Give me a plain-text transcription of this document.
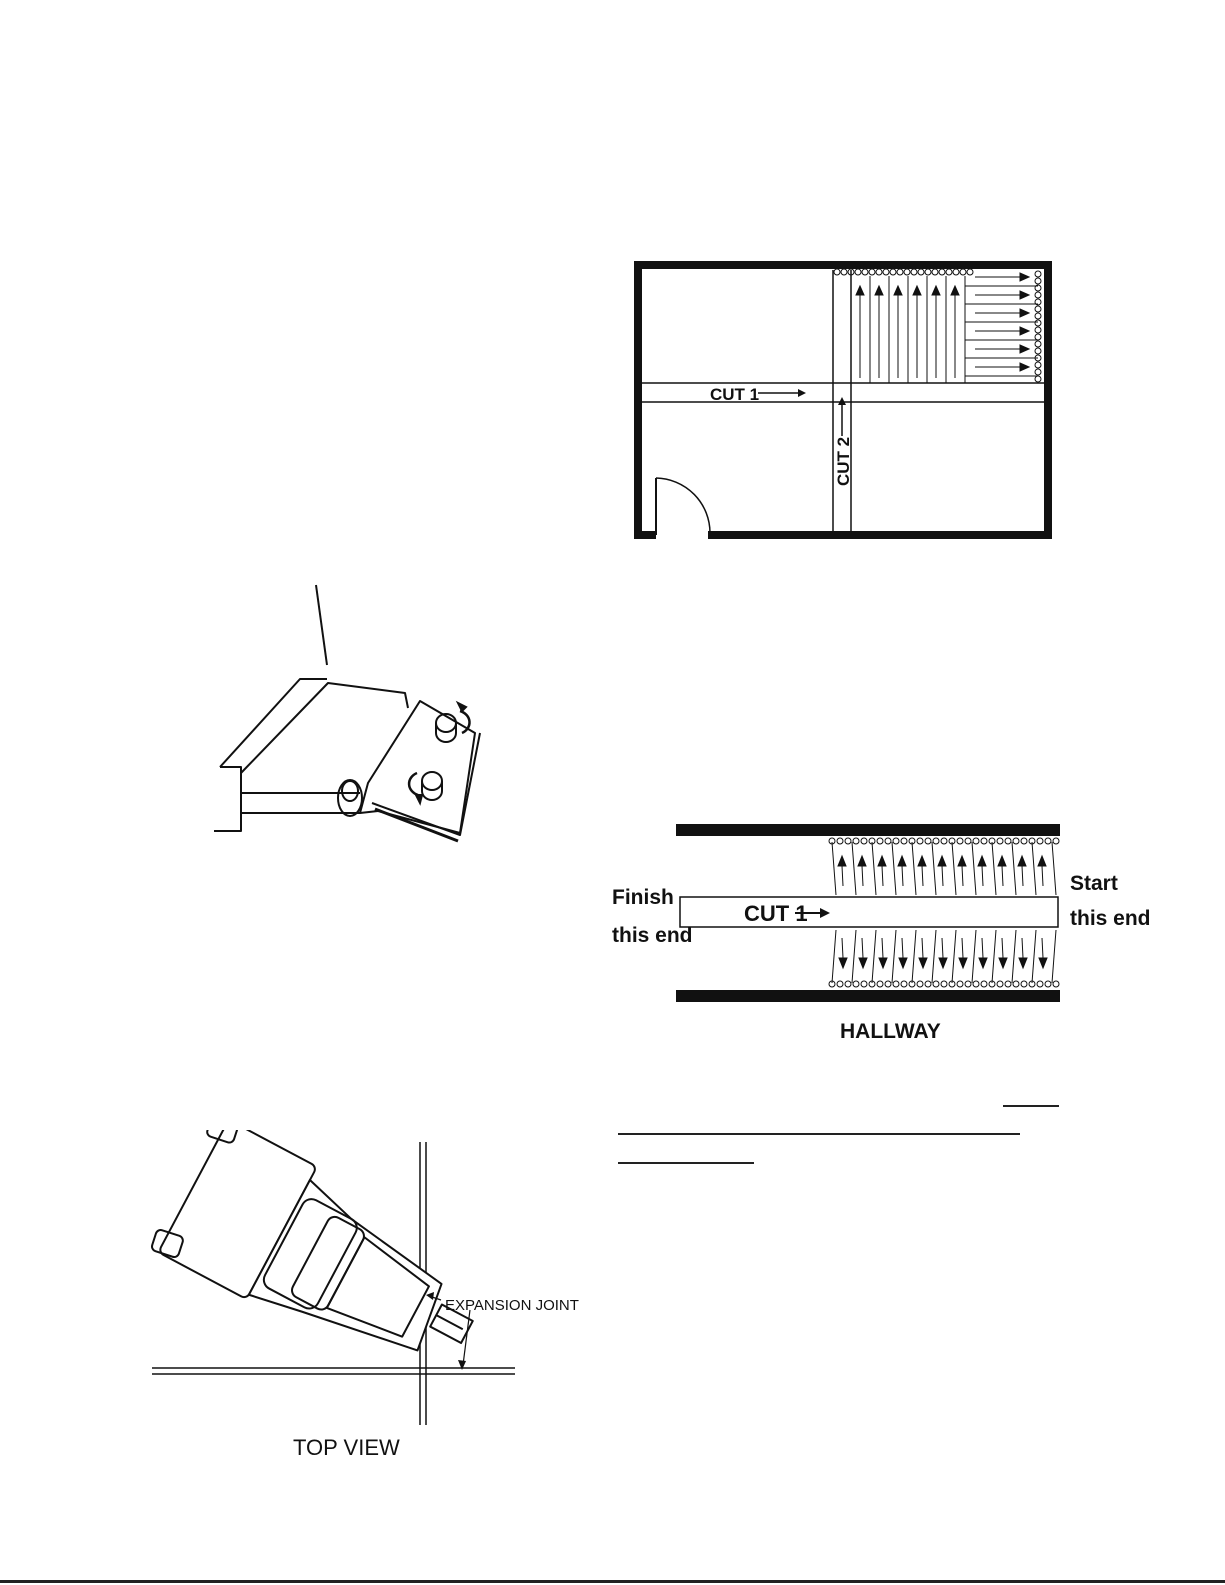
CUT 1
CUT 2
CUT 1
Finish
this end
Start
this end
HALLWAY
EXPANSION JOINT
TOP VIEW
